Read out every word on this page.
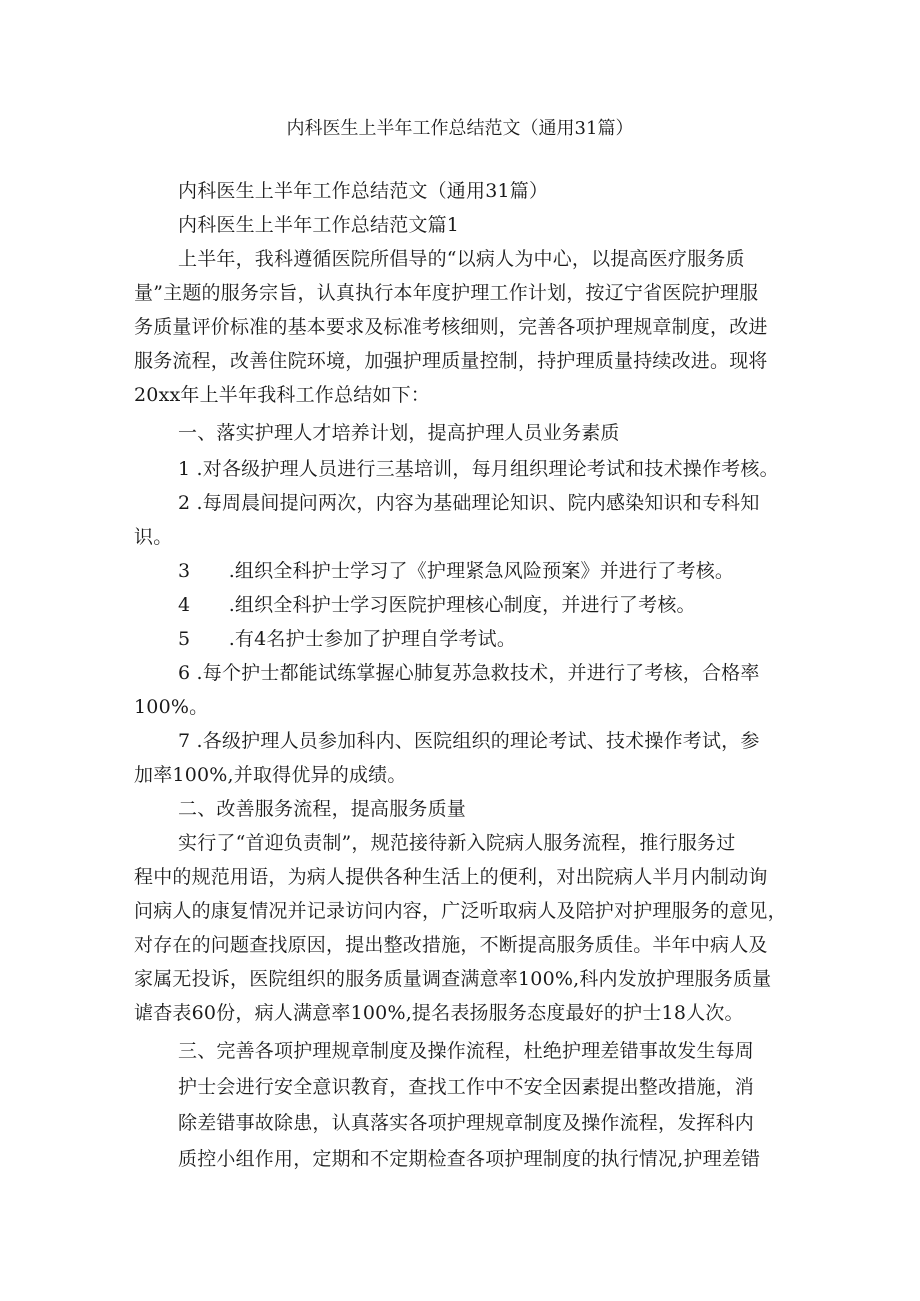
内科医生上半年工作总结范文（通用31篇）
内科医生上半年工作总结范文（通用31篇）
内科医生上半年工作总结范文篇1
上半年，我科遵循医院所倡导的“以病人为中心，以提高医疗服务质
量”主题的服务宗旨，认真执行本年度护理工作计划，按辽宁省医院护理服
务质量评价标准的基本要求及标准考核细则，完善各项护理规章制度，改进
服务流程，改善住院环境，加强护理质量控制，持护理质量持续改进。现将
20xx年上半年我科工作总结如下：
一、落实护理人才培养计划，提高护理人员业务素质
1 .对各级护理人员进行三基培训，每月组织理论考试和技术操作考核。
2 .每周晨间提问两次，内容为基础理论知识、院内感染知识和专科知
识。
3　　.组织全科护士学习了《护理紧急风险预案》并进行了考核。
4　　.组织全科护士学习医院护理核心制度，并进行了考核。
5　　.有4名护士参加了护理自学考试。
6 .每个护士都能试练掌握心肺复苏急救技术，并进行了考核，合格率
100%。
7 .各级护理人员参加科内、医院组织的理论考试、技术操作考试，参
加率100%,并取得优异的成绩。
二、改善服务流程，提高服务质量
实行了“首迎负责制”，规范接待新入院病人服务流程，推行服务过
程中的规范用语，为病人提供各种生活上的便利，对出院病人半月内制动询
问病人的康复情况并记录访问内容，广泛听取病人及陪护对护理服务的意见，
对存在的问题查找原因，提出整改措施，不断提高服务质佳。半年中病人及
家属无投诉，医院组织的服务质量调查满意率100%,科内发放护理服务质量
谑杳表60份，病人满意率100%,提名表扬服务态度最好的护士18人次。
三、完善各项护理规章制度及操作流程，杜绝护理差错事故发生每周
护士会进行安全意识教育，查找工作中不安全因素提出整改措施，消
除差错事故除患，认真落实各项护理规章制度及操作流程，发挥科内
质控小组作用，定期和不定期检查各项护理制度的执行情况,护理差错
